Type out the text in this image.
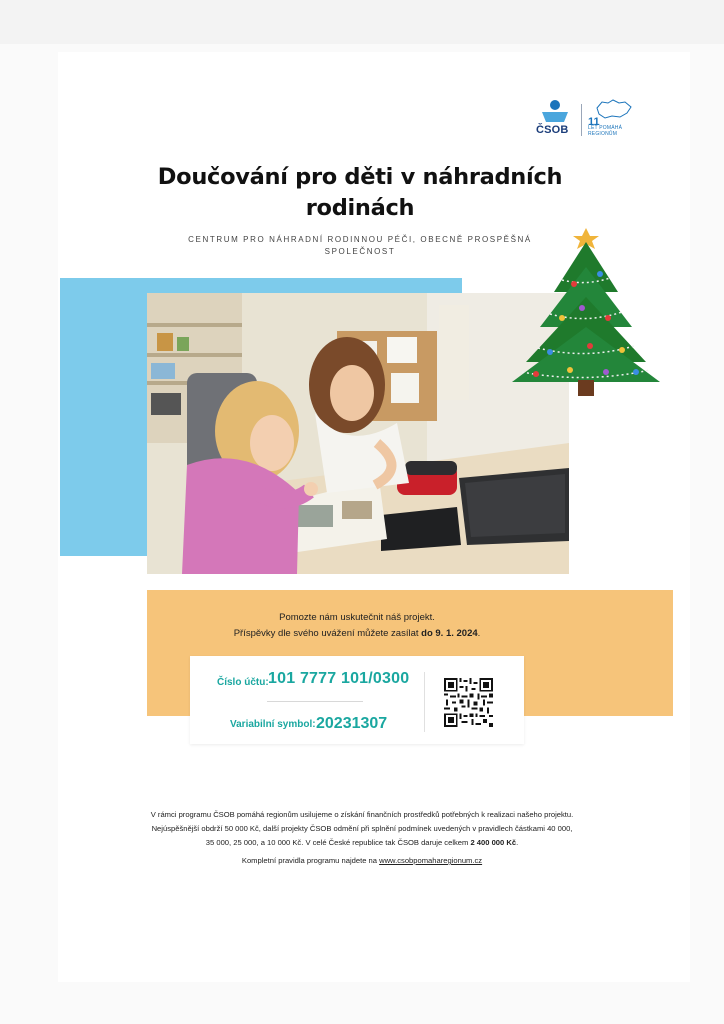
ČSOB
11
LET POMÁHÁ
REGIONŮM
Doučování pro děti v náhradních
rodinách
CENTRUM PRO NÁHRADNÍ RODINNOU PÉČI, OBECNĚ PROSPĚŠNÁ
SPOLEČNOST
Pomozte nám uskutečnit náš projekt.
Příspěvky dle svého uvážení můžete zasílat do 9. 1. 2024.
Číslo účtu: 101 7777 101/0300
Variabilní symbol: 20231307
V rámci programu ČSOB pomáhá regionům usilujeme o získání finančních prostředků potřebných k realizaci našeho projektu.
Nejúspěšnější obdrží 50 000 Kč, další projekty ČSOB odmění při splnění podmínek uvedených v pravidlech částkami 40 000,
35 000, 25 000, a 10 000 Kč. V celé České republice tak ČSOB daruje celkem 2 400 000 Kč.
Kompletní pravidla programu najdete na www.csobpomaharegionum.cz
